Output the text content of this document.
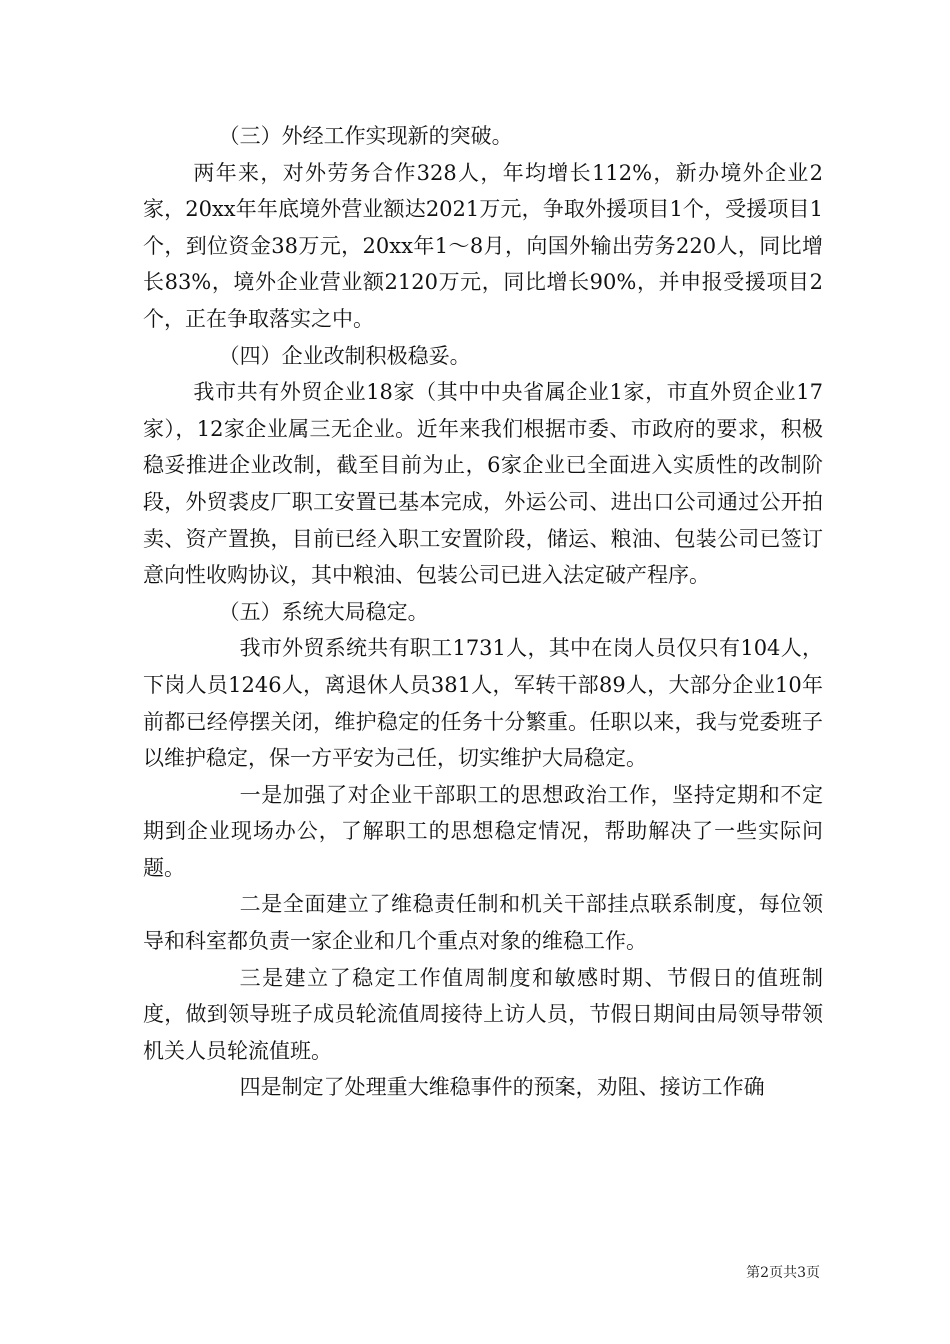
（三）外经工作实现新的突破。

两年来，对外劳务合作328人，年均增长112%，新办境外企业2家，20xx年年底境外营业额达2021万元，争取外援项目1个，受援项目1个，到位资金38万元，20xx年1～8月，向国外输出劳务220人，同比增长83%，境外企业营业额2120万元，同比增长90%，并申报受援项目2个，正在争取落实之中。

（四）企业改制积极稳妥。

我市共有外贸企业18家（其中中央省属企业1家，市直外贸企业17家），12家企业属三无企业。近年来我们根据市委、市政府的要求，积极稳妥推进企业改制，截至目前为止，6家企业已全面进入实质性的改制阶段，外贸裘皮厂职工安置已基本完成，外运公司、进出口公司通过公开拍卖、资产置换，目前已经入职工安置阶段，储运、粮油、包装公司已签订意向性收购协议，其中粮油、包装公司已进入法定破产程序。

（五）系统大局稳定。

我市外贸系统共有职工1731人，其中在岗人员仅只有104人，下岗人员1246人，离退休人员381人，军转干部89人，大部分企业10年前都已经停摆关闭，维护稳定的任务十分繁重。任职以来，我与党委班子以维护稳定，保一方平安为己任，切实维护大局稳定。

一是加强了对企业干部职工的思想政治工作，坚持定期和不定期到企业现场办公，了解职工的思想稳定情况，帮助解决了一些实际问题。

二是全面建立了维稳责任制和机关干部挂点联系制度，每位领导和科室都负责一家企业和几个重点对象的维稳工作。

三是建立了稳定工作值周制度和敏感时期、节假日的值班制度，做到领导班子成员轮流值周接待上访人员，节假日期间由局领导带领机关人员轮流值班。

四是制定了处理重大维稳事件的预案，劝阻、接访工作确

第2页共3页
